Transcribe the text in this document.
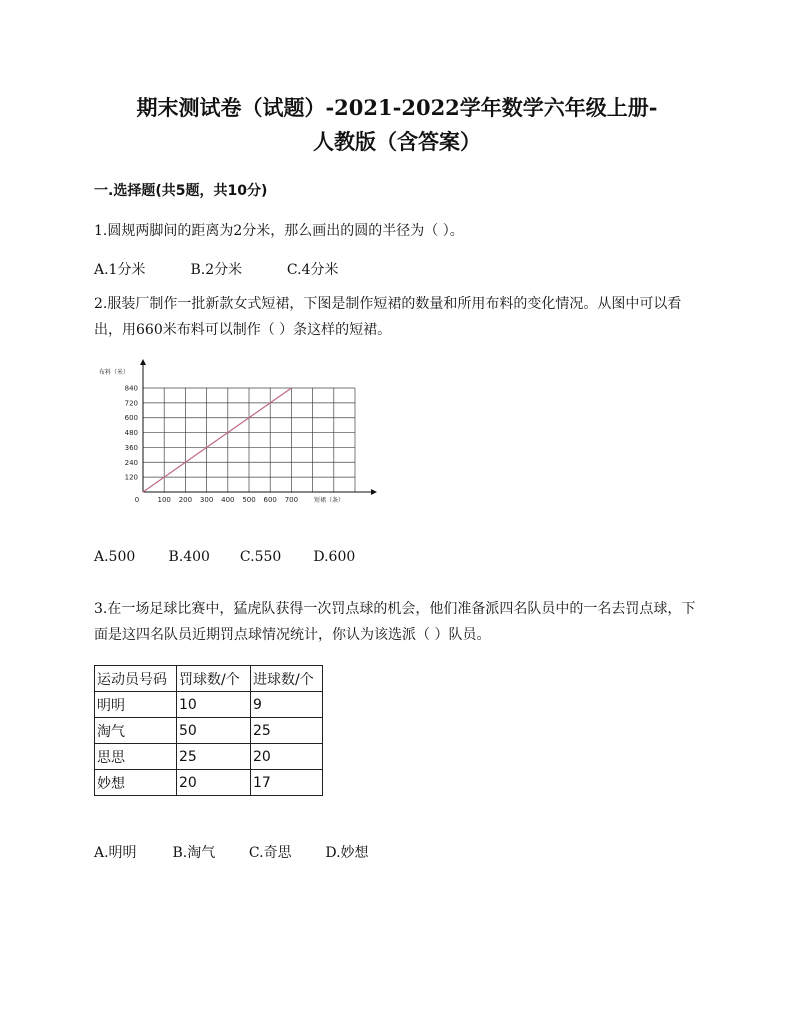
期末测试卷（试题）-2021-2022学年数学六年级上册-
人教版（含答案）
一.选择题(共5题，共10分)
1.圆规两脚间的距离为2分米，那么画出的圆的半径为（ ）。
A.1分米	B.2分米	C.4分米
2.服装厂制作一批新款女式短裙，下图是制作短裙的数量和所用布料的变化情况。从图中可以看出，用660米布料可以制作（ ）条这样的短裙。
布料（米）
短裙（条）
0	100 200 300 400 500 600 700
120
240
360
480
600
720
840
A.500 B.400 C.550 D.600
3.在一场足球比赛中，猛虎队获得一次罚点球的机会，他们准备派四名队员中的一名去罚点球，下面是这四名队员近期罚点球情况统计，你认为该选派（ ）队员。
运动员号码	罚球数/个	进球数/个
明明	10	9
淘气	50	25
思思	25	20
妙想	20	17
A.明明	B.淘气 C.奇思 D.妙想
